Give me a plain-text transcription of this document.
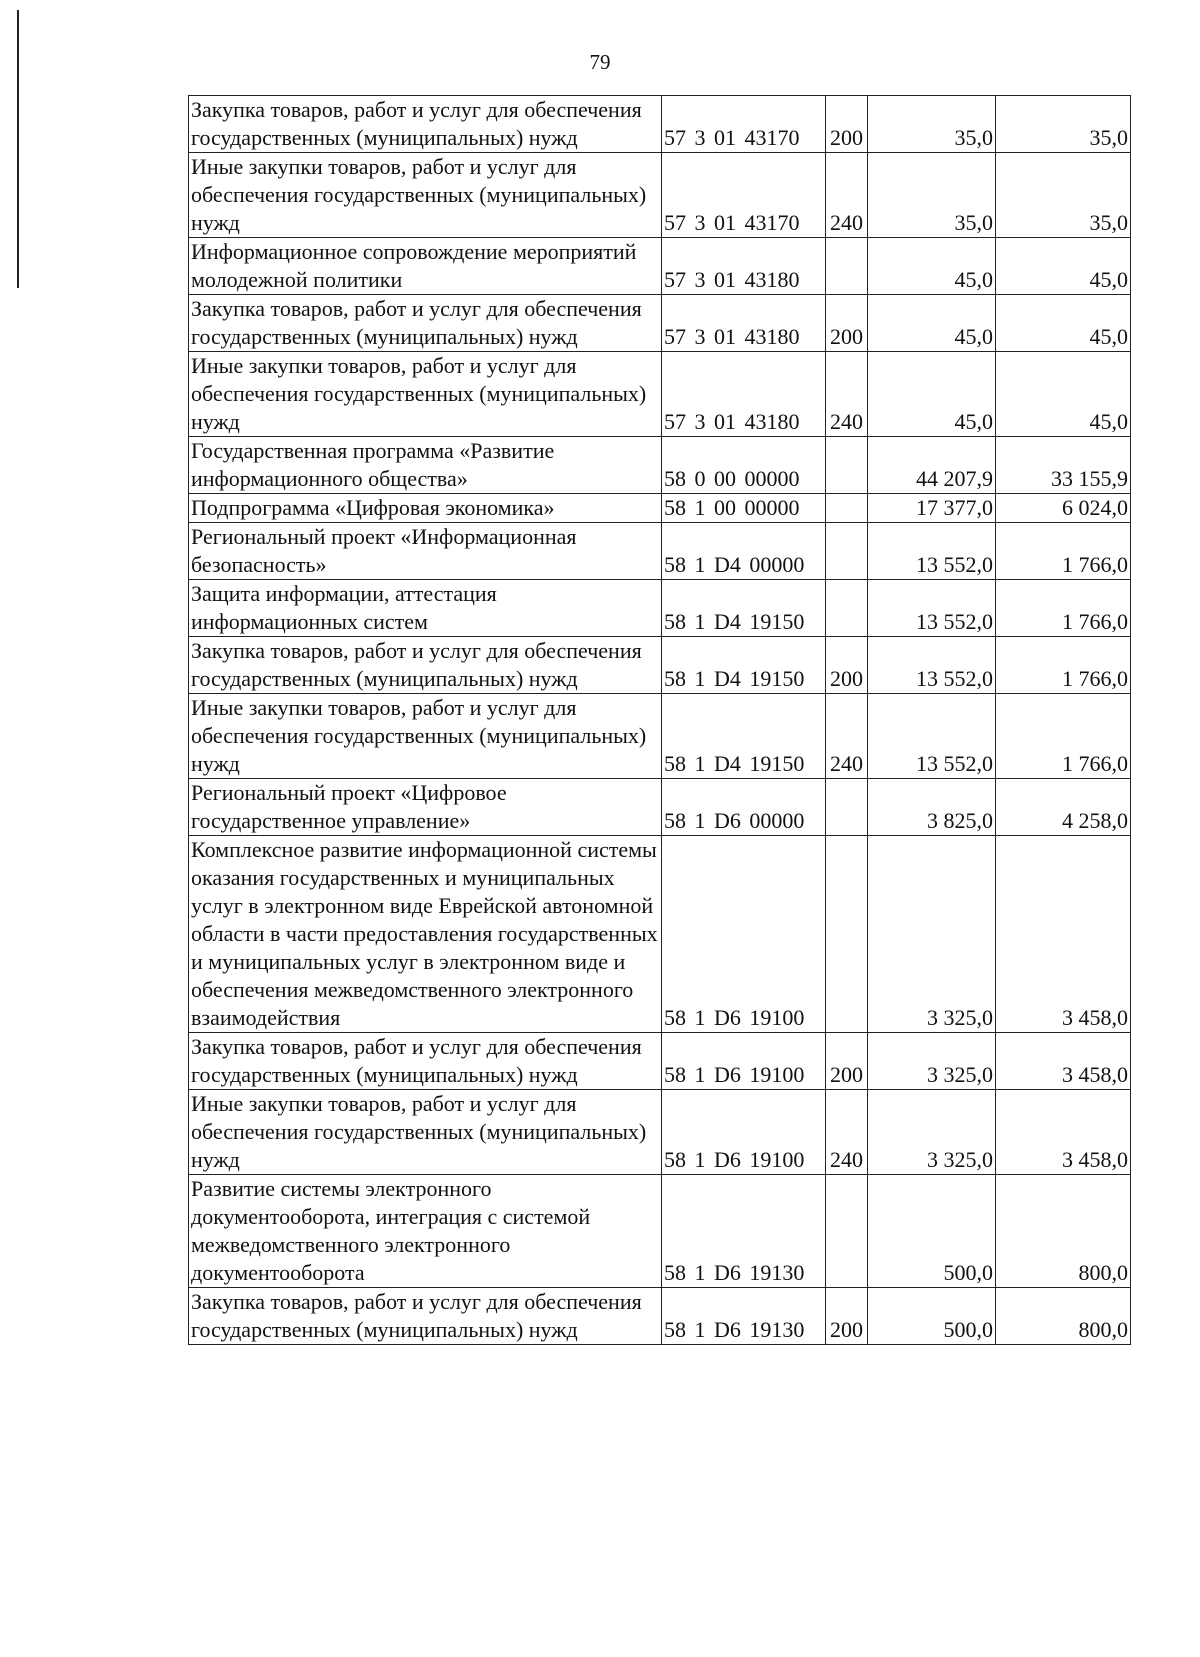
79
Закупка товаров, работ и услуг для обеспечения государственных (муниципальных) нужд	57 3 01 43170	200	35,0	35,0
Иные закупки товаров, работ и услуг для обеспечения государственных (муниципальных) нужд	57 3 01 43170	240	35,0	35,0
Информационное сопровождение мероприятий молодежной политики	57 3 01 43180		45,0	45,0
Закупка товаров, работ и услуг для обеспечения государственных (муниципальных) нужд	57 3 01 43180	200	45,0	45,0
Иные закупки товаров, работ и услуг для обеспечения государственных (муниципальных) нужд	57 3 01 43180	240	45,0	45,0
Государственная программа «Развитие информационного общества»	58 0 00 00000		44 207,9	33 155,9
Подпрограмма «Цифровая экономика»	58 1 00 00000		17 377,0	6 024,0
Региональный проект «Информационная безопасность»	58 1 D4 00000		13 552,0	1 766,0
Защита информации, аттестация информационных систем	58 1 D4 19150		13 552,0	1 766,0
Закупка товаров, работ и услуг для обеспечения государственных (муниципальных) нужд	58 1 D4 19150	200	13 552,0	1 766,0
Иные закупки товаров, работ и услуг для обеспечения государственных (муниципальных) нужд	58 1 D4 19150	240	13 552,0	1 766,0
Региональный проект «Цифровое государственное управление»	58 1 D6 00000		3 825,0	4 258,0
Комплексное развитие информационной системы оказания государственных и муниципальных услуг в электронном виде Еврейской автономной области в части предоставления государственных и муниципальных услуг в электронном виде и обеспечения межведомственного электронного взаимодействия	58 1 D6 19100		3 325,0	3 458,0
Закупка товаров, работ и услуг для обеспечения государственных (муниципальных) нужд	58 1 D6 19100	200	3 325,0	3 458,0
Иные закупки товаров, работ и услуг для обеспечения государственных (муниципальных) нужд	58 1 D6 19100	240	3 325,0	3 458,0
Развитие системы электронного документооборота, интеграция с системой межведомственного электронного документооборота	58 1 D6 19130		500,0	800,0
Закупка товаров, работ и услуг для обеспечения государственных (муниципальных) нужд	58 1 D6 19130	200	500,0	800,0
